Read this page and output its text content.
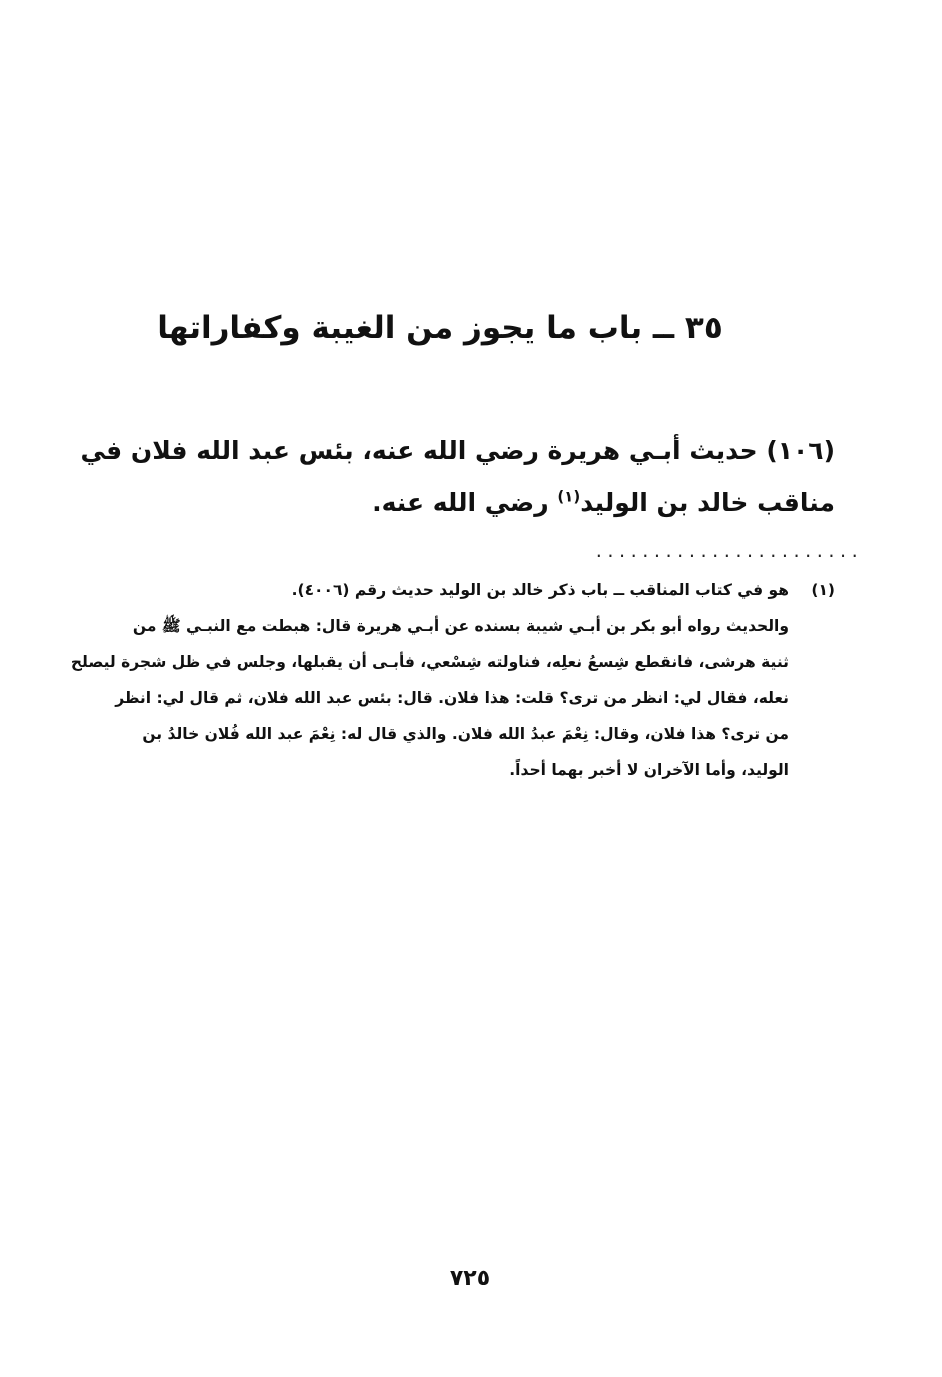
٣٥ ــ باب ما يجوز من الغيبة وكفاراتها

(١٠٦) حديث أبـي هريرة رضي الله عنه، بئس عبد الله فلان في
مناقب خالد بن الوليد$^{(١)}$ رضي الله عنه.

.......................
(١)هو في كتاب المناقب ــ باب ذكر خالد بن الوليد حديث رقم (٤٠٠٦).
والحديث رواه أبو بكر بن أبـي شيبة بسنده عن أبـي هريرة قال: هبطت مع النبـي ﷺ من
ثنية هرشى، فانقطع شِسعُ نعلِه، فناولته شِسْعي، فأبـى أن يقبلها، وجلس في ظل شجرة ليصلح
نعله، فقال لي: انظر من ترى؟ قلت: هذا فلان. قال: بئس عبد الله فلان، ثم قال لي: انظر
من ترى؟ هذا فلان، وقال: نِعْمَ عبدُ الله فلان. والذي قال له: نِعْمَ عبد الله فُلان خالدُ بن
الوليد، وأما الآخران لا أخبر بهما أحداً.
٧٢٥
